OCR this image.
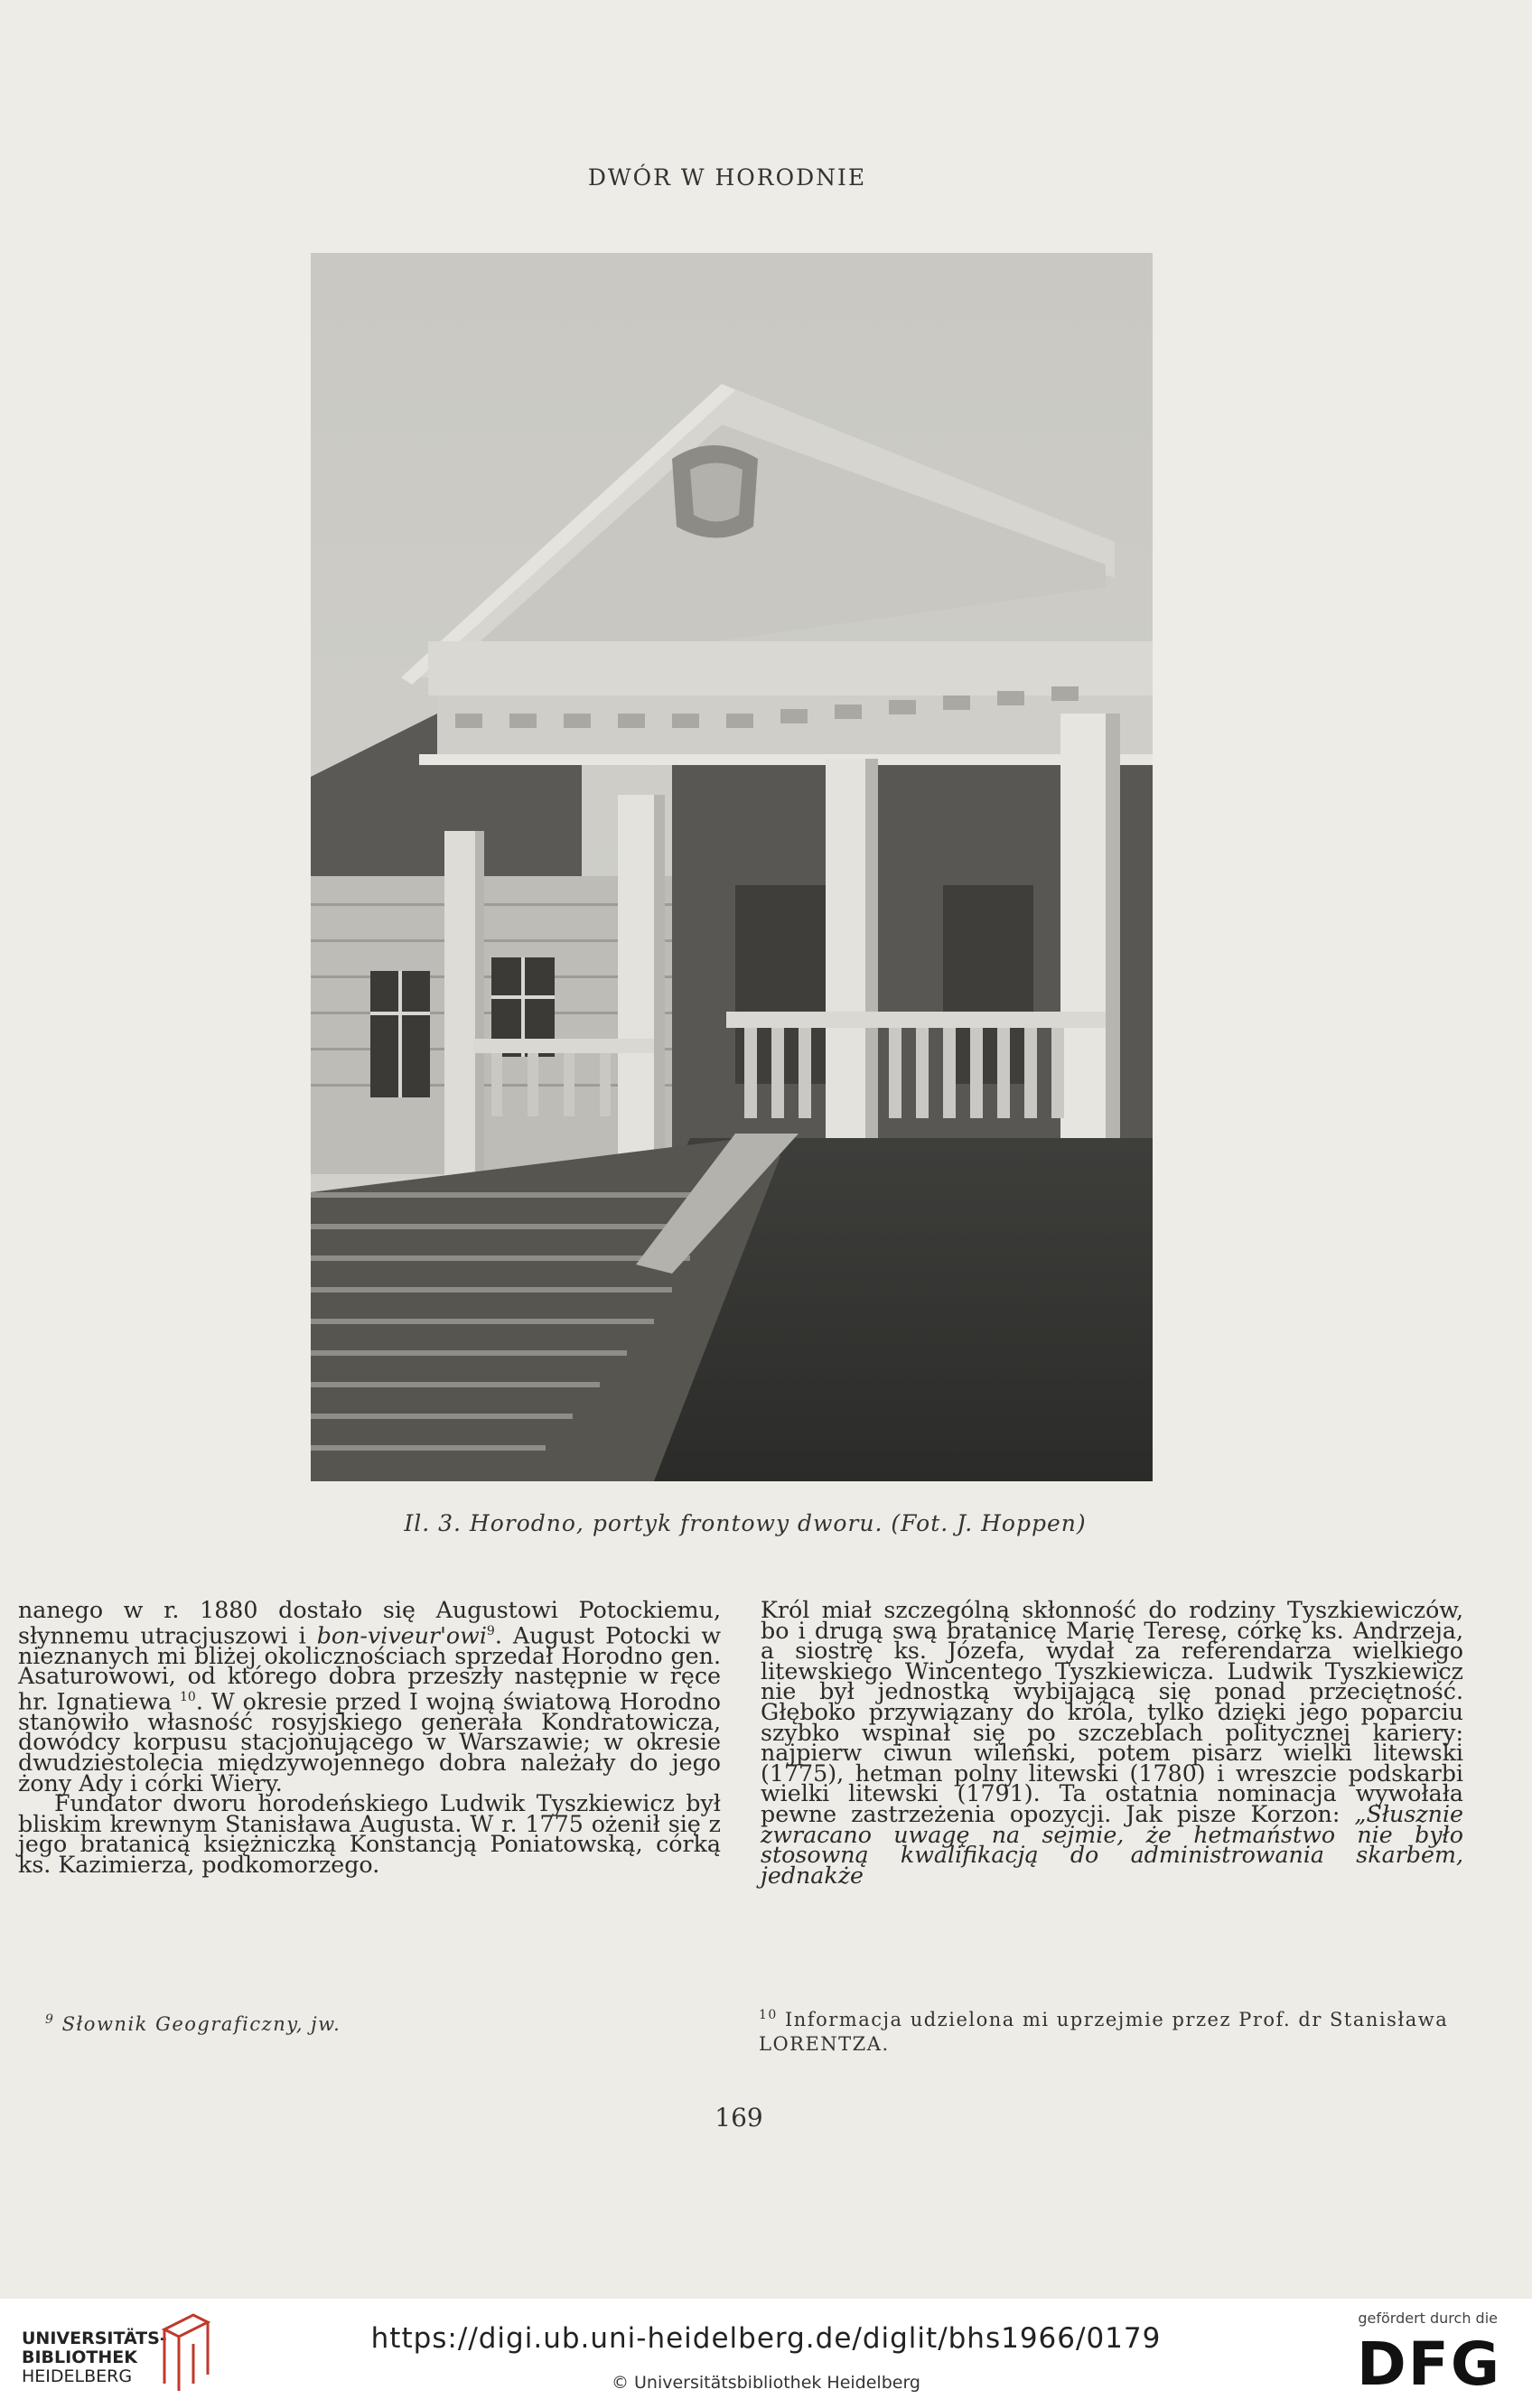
DWÓR W HORODNIE
Il. 3. Horodno, portyk frontowy dworu. (Fot. J. Hoppen)

nanego w r. 1880 dostało się Augustowi Potockiemu, słynnemu utracjuszowi i bon-viveur'owi$^9$. August Potocki w nieznanych mi bliżej okolicznościach sprzedał Horodno gen. Asaturowowi, od którego dobra przeszły następnie w ręce hr. Ignatiewa $^{10}$. W okresie przed I wojną światową Horodno stanowiło własność rosyjskiego generała Kondratowicza, dowódcy korpusu stacjonującego w Warszawie; w okresie dwudziestolecia międzywojennego dobra należały do jego żony Ady i córki Wiery.

Fundator dworu horodeńskiego Ludwik Tyszkiewicz był bliskim krewnym Stanisława Augusta. W r. 1775 ożenił się z jego bratanicą księżniczką Konstancją Poniatowską, córką ks. Kazimierza, podkomorzego.

Król miał szczególną skłonność do rodziny Tyszkiewiczów, bo i drugą swą bratanicę Marię Teresę, córkę ks. Andrzeja, a siostrę ks. Józefa, wydał za referendarza wielkiego litewskiego Wincentego Tyszkiewicza. Ludwik Tyszkiewicz nie był jednostką wybijającą się ponad przeciętność. Głęboko przywiązany do króla, tylko dzięki jego poparciu szybko wspinał się po szczeblach politycznej kariery: najpierw ciwun wileński, potem pisarz wielki litewski (1775), hetman polny litewski (1780) i wreszcie podskarbi wielki litewski (1791). Ta ostatnia nominacja wywołała pewne zastrzeżenia opozycji. Jak pisze Korzon: „Słusznie zwracano uwagę na sejmie, że hetmaństwo nie było stosowną kwalifikacją do administrowania skarbem, jednakże

$^9$ Słownik Geograficzny, jw.	$^{10}$ Informacja udzielona mi uprzejmie przez Prof. dr Stanisława LORENTZA.
169
UNIVERSITÄTS-
BIBLIOTHEK
HEIDELBERG
https://digi.ub.uni-heidelberg.de/diglit/bhs1966/0179
© Universitätsbibliothek Heidelberg
gefördert durch die
DFG
